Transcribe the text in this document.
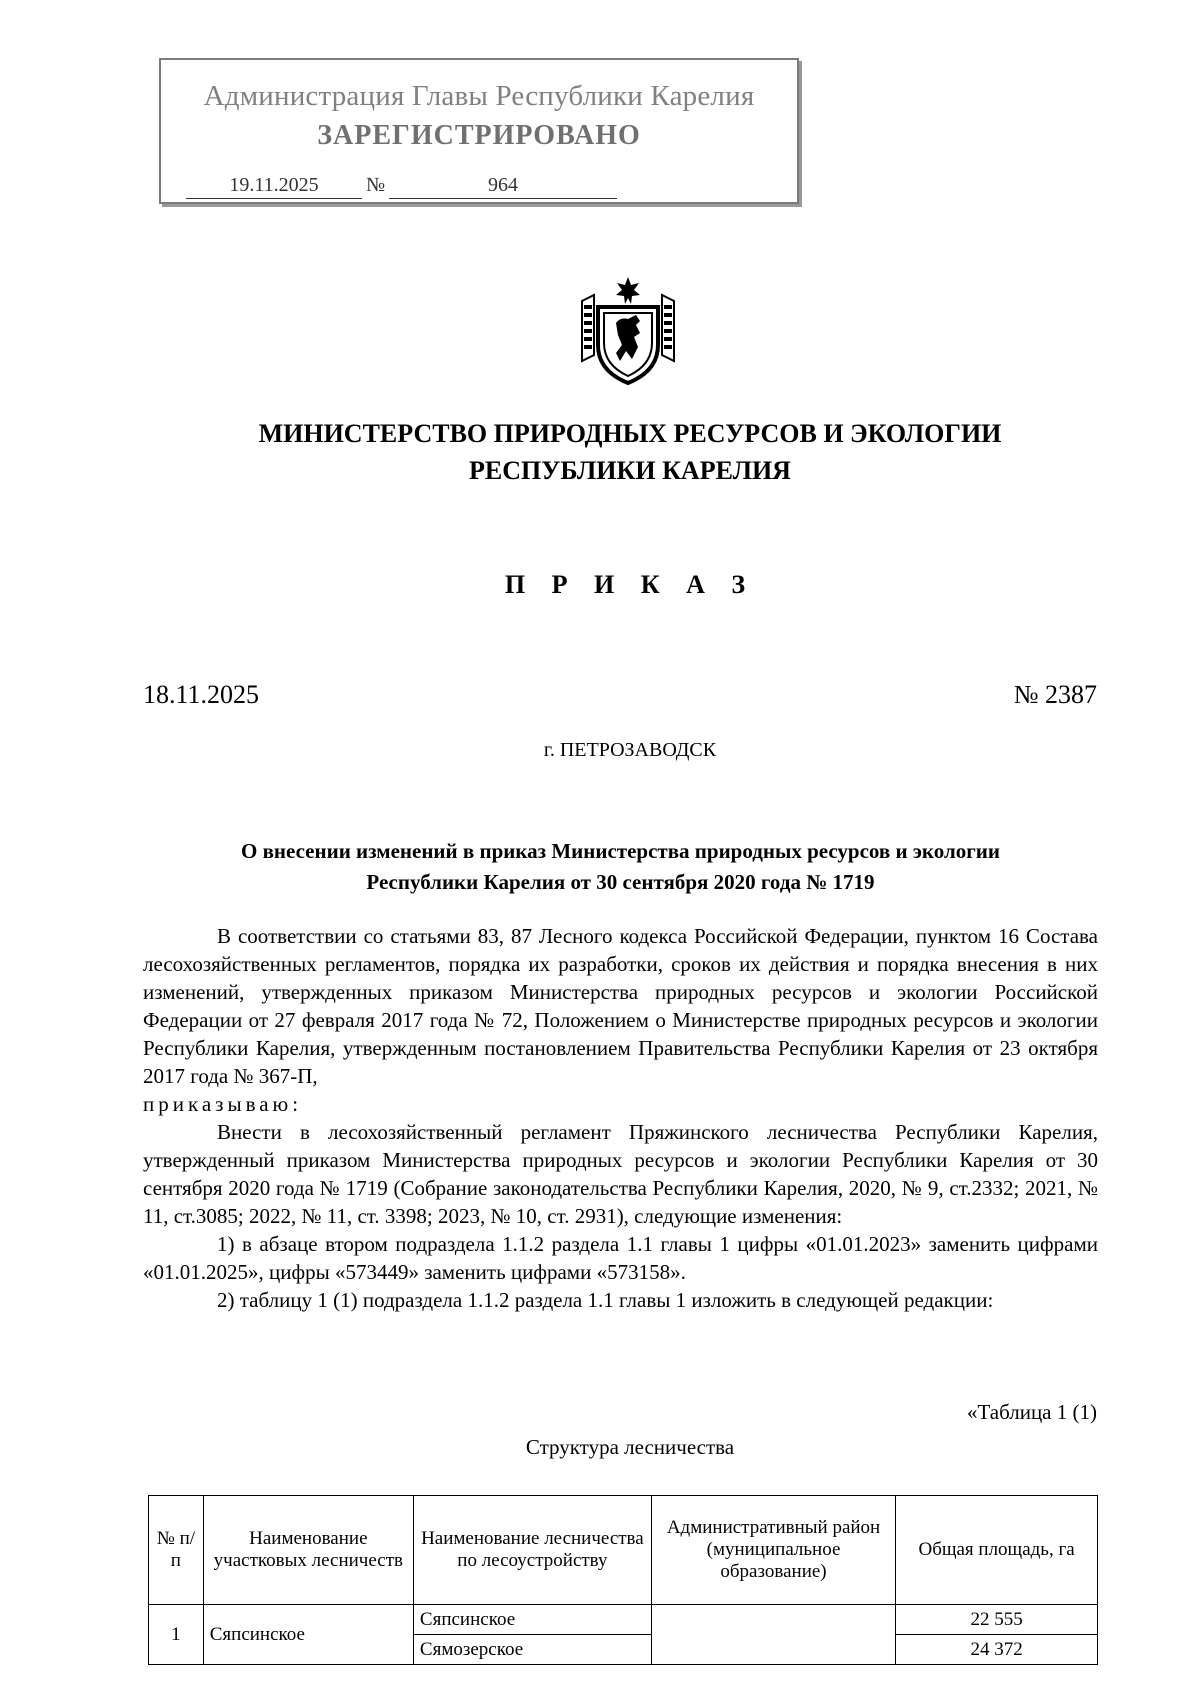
Администрация Главы Республики Карелия
ЗАРЕГИСТРИРОВАНО
19.11.2025	№	964
МИНИСТЕРСТВО ПРИРОДНЫХ РЕСУРСОВ И ЭКОЛОГИИ
РЕСПУБЛИКИ КАРЕЛИЯ
П Р И К А З
18.11.2025	№ 2387
г. ПЕТРОЗАВОДСК
О внесении изменений в приказ Министерства природных ресурсов и экологии
Республики Карелия от 30 сентября 2020 года № 1719

В соответствии со статьями 83, 87 Лесного кодекса Российской Федерации, пунктом 16 Состава лесохозяйственных регламентов, порядка их разработки, сроков их действия и порядка внесения в них изменений, утвержденных приказом Министерства природных ресурсов и экологии Российской Федерации от 27 февраля 2017 года № 72, Положением о Министерстве природных ресурсов и экологии Республики Карелия, утвержденным постановлением Правительства Республики Карелия от 23 октября 2017 года № 367-П,
приказываю:

Внести в лесохозяйственный регламент Пряжинского лесничества Республики Карелия, утвержденный приказом Министерства природных ресурсов и экологии Республики Карелия от 30 сентября 2020 года № 1719 (Собрание законодательства Республики Карелия, 2020, № 9, ст.2332; 2021, № 11, ст.3085; 2022, № 11, ст. 3398; 2023, № 10, ст. 2931), следующие изменения:

1) в абзаце втором подраздела 1.1.2 раздела 1.1 главы 1 цифры «01.01.2023» заменить цифрами «01.01.2025», цифры «573449» заменить цифрами «573158».

2) таблицу 1 (1) подраздела 1.1.2 раздела 1.1 главы 1 изложить в следующей редакции:

«Таблица 1 (1)
Структура лесничества
№ п/п	Наименование участковых лесничеств	Наименование лесничества по лесоустройству	Административный район (муниципальное образование)	Общая площадь, га
1	Сяпсинское	Сяпсинское		22 555
		Сямозерское		24 372
